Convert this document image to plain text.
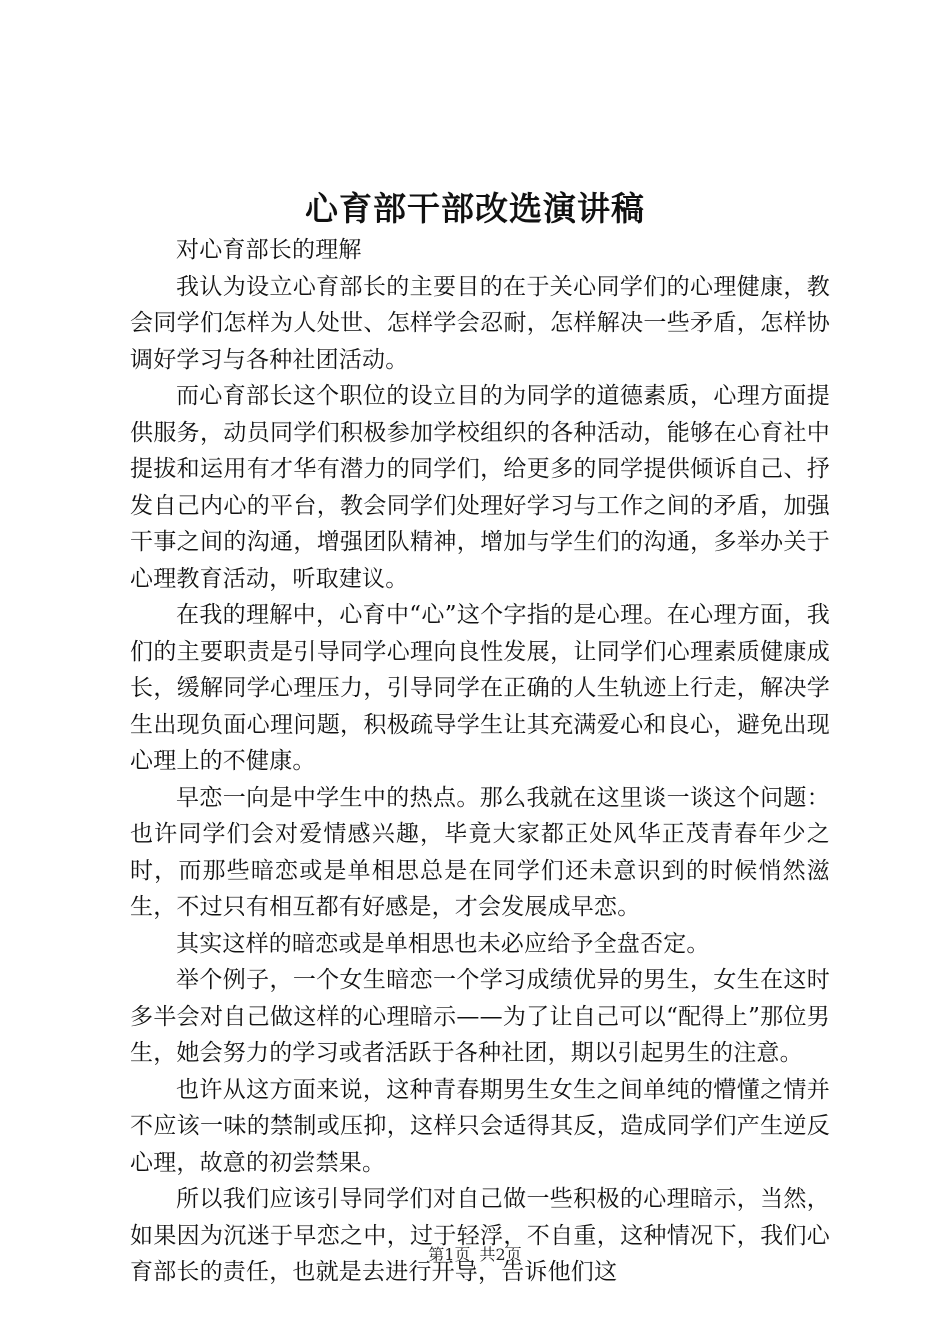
心育部干部改选演讲稿

对心育部长的理解

我认为设立心育部长的主要目的在于关心同学们的心理健康，教会同学们怎样为人处世、怎样学会忍耐，怎样解决一些矛盾，怎样协调好学习与各种社团活动。

而心育部长这个职位的设立目的为同学的道德素质，心理方面提供服务，动员同学们积极参加学校组织的各种活动，能够在心育社中提拔和运用有才华有潜力的同学们，给更多的同学提供倾诉自己、抒发自己内心的平台，教会同学们处理好学习与工作之间的矛盾，加强干事之间的沟通，增强团队精神，增加与学生们的沟通，多举办关于心理教育活动，听取建议。

在我的理解中，心育中“心”这个字指的是心理。在心理方面，我们的主要职责是引导同学心理向良性发展，让同学们心理素质健康成长，缓解同学心理压力，引导同学在正确的人生轨迹上行走，解决学生出现负面心理问题，积极疏导学生让其充满爱心和良心，避免出现心理上的不健康。

早恋一向是中学生中的热点。那么我就在这里谈一谈这个问题：也许同学们会对爱情感兴趣，毕竟大家都正处风华正茂青春年少之时，而那些暗恋或是单相思总是在同学们还未意识到的时候悄然滋生，不过只有相互都有好感是，才会发展成早恋。

其实这样的暗恋或是单相思也未必应给予全盘否定。

举个例子，一个女生暗恋一个学习成绩优异的男生，女生在这时多半会对自己做这样的心理暗示——为了让自己可以“配得上”那位男生，她会努力的学习或者活跃于各种社团，期以引起男生的注意。

也许从这方面来说，这种青春期男生女生之间单纯的懵懂之情并不应该一味的禁制或压抑，这样只会适得其反，造成同学们产生逆反心理，故意的初尝禁果。

所以我们应该引导同学们对自己做一些积极的心理暗示，当然，如果因为沉迷于早恋之中，过于轻浮，不自重，这种情况下，我们心育部长的责任，也就是去进行开导，告诉他们这

第1页 共2页
